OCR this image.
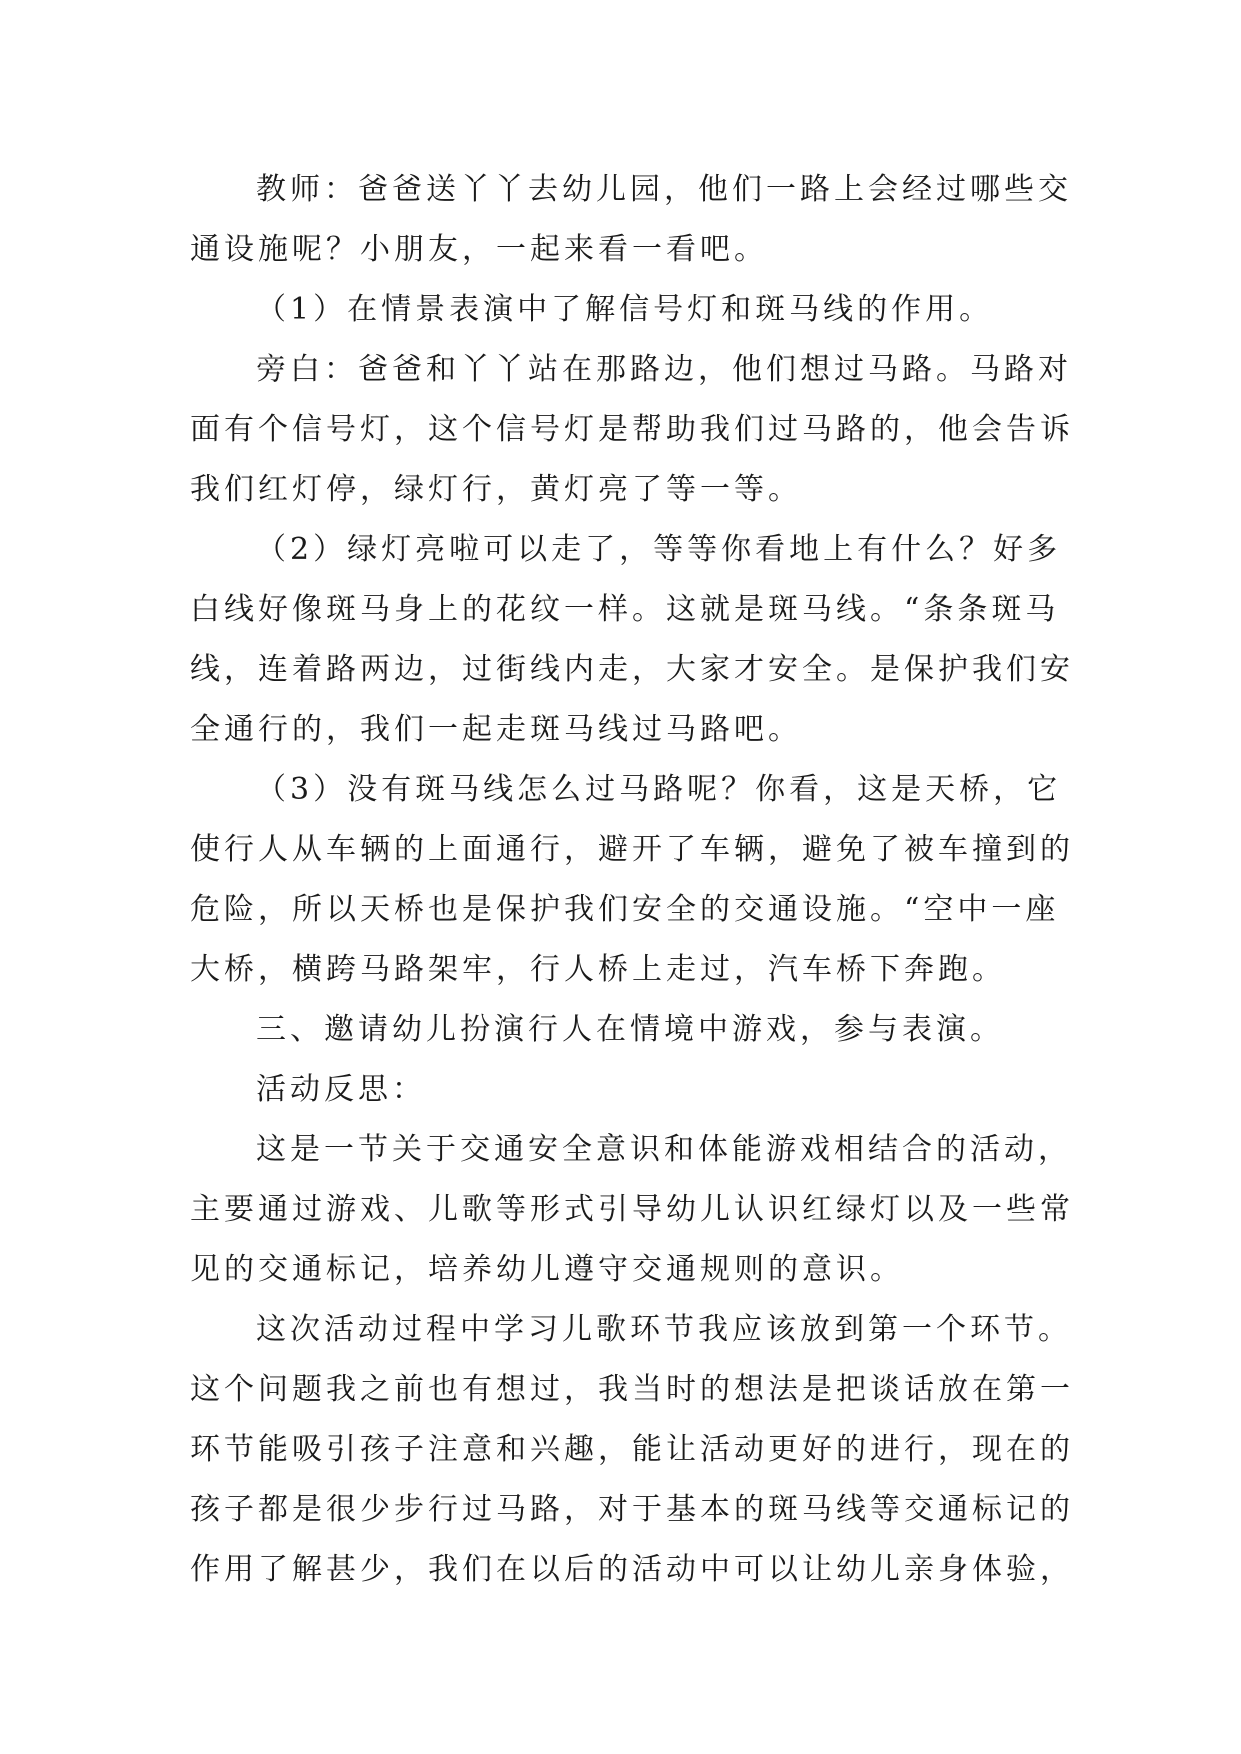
教师：爸爸送丫丫去幼儿园，他们一路上会经过哪些交
通设施呢？小朋友，一起来看一看吧。
（1）在情景表演中了解信号灯和斑马线的作用。
旁白：爸爸和丫丫站在那路边，他们想过马路。马路对
面有个信号灯，这个信号灯是帮助我们过马路的，他会告诉
我们红灯停，绿灯行，黄灯亮了等一等。
（2）绿灯亮啦可以走了，等等你看地上有什么？好多
白线好像斑马身上的花纹一样。这就是斑马线。“条条斑马
线，连着路两边，过街线内走，大家才安全。是保护我们安
全通行的，我们一起走斑马线过马路吧。
（3）没有斑马线怎么过马路呢？你看，这是天桥，它
使行人从车辆的上面通行，避开了车辆，避免了被车撞到的
危险，所以天桥也是保护我们安全的交通设施。“空中一座
大桥，横跨马路架牢，行人桥上走过，汽车桥下奔跑。
三、邀请幼儿扮演行人在情境中游戏，参与表演。
活动反思：
这是一节关于交通安全意识和体能游戏相结合的活动，
主要通过游戏、儿歌等形式引导幼儿认识红绿灯以及一些常
见的交通标记，培养幼儿遵守交通规则的意识。
这次活动过程中学习儿歌环节我应该放到第一个环节。
这个问题我之前也有想过，我当时的想法是把谈话放在第一
环节能吸引孩子注意和兴趣，能让活动更好的进行，现在的
孩子都是很少步行过马路，对于基本的斑马线等交通标记的
作用了解甚少，我们在以后的活动中可以让幼儿亲身体验，
